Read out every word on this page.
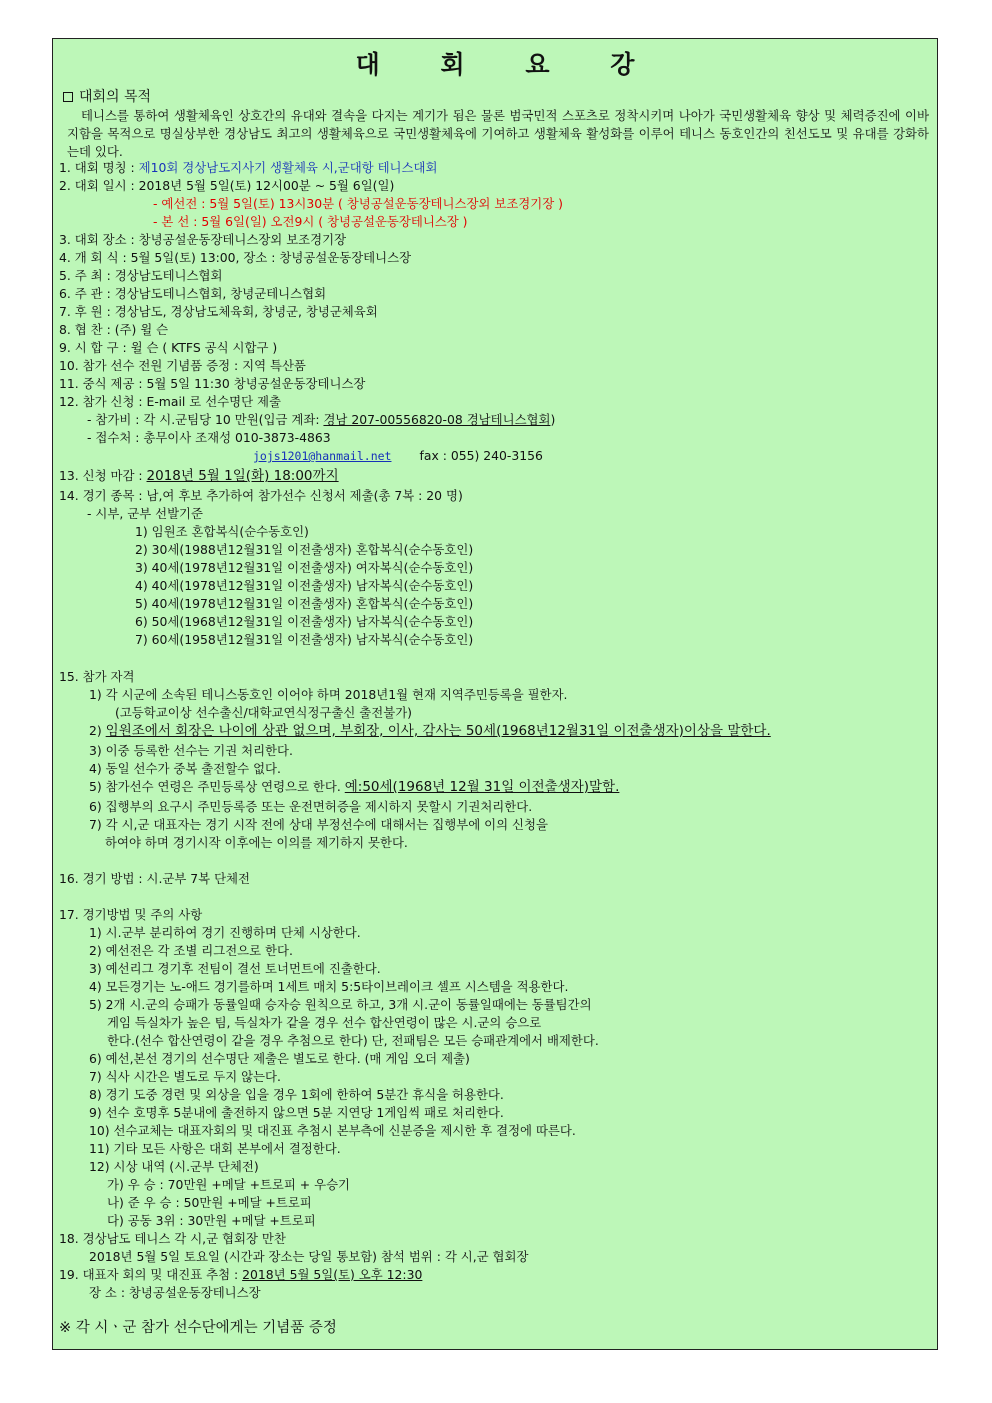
대 회 요 강
대회의 목적
테니스를 통하여 생활체육인 상호간의 유대와 결속을 다지는 계기가 됨은 물론 범국민적 스포츠로 정착시키며 나아가 국민생활체육 향상 및 체력증진에 이바지함을 목적으로 명실상부한 경상남도 최고의 생활체육으로 국민생활체육에 기여하고 생활체육 활성화를 이루어 테니스 동호인간의 친선도모 및 유대를 강화하는데 있다.
1. 대회 명칭 : 제10회 경상남도지사기 생활체육 시,군대항 테니스대회
2. 대회 일시 : 2018년 5월 5일(토) 12시00분 ~ 5월 6일(일)
- 예선전 : 5월 5일(토) 13시30분 ( 창녕공설운동장테니스장외 보조경기장 )
- 본 선 : 5월 6일(일) 오전9시 ( 창녕공설운동장테니스장 )
3. 대회 장소 : 창녕공설운동장테니스장외 보조경기장
4. 개 회 식 : 5월 5일(토) 13:00, 장소 : 창녕공설운동장테니스장
5. 주 최 : 경상남도테니스협회
6. 주 관 : 경상남도테니스협회, 창녕군테니스협회
7. 후 원 : 경상남도, 경상남도체육회, 창녕군, 창녕군체육회
8. 협 찬 : (주) 윌 슨
9. 시 합 구 : 윌 슨 ( KTFS 공식 시합구 )
10. 참가 선수 전원 기념품 증정 : 지역 특산품
11. 중식 제공 : 5월 5일 11:30 창녕공설운동장테니스장
12. 참가 신청 : E-mail 로 선수명단 제출
- 참가비 : 각 시.군팀당 10 만원(입금 계좌: 경남 207-00556820-08 경남테니스협회)
- 접수처 : 총무이사 조재성 010-3873-4863
jojs1201@hanmail.net fax : 055) 240-3156
13. 신청 마감 : 2018년 5월 1일(화) 18:00까지
14. 경기 종목 : 남,여 후보 추가하여 참가선수 신청서 제출(총 7복 : 20 명)
- 시부, 군부 선발기준
1) 임원조 혼합복식(순수동호인)
2) 30세(1988년12월31일 이전출생자) 혼합복식(순수동호인)
3) 40세(1978년12월31일 이전출생자) 여자복식(순수동호인)
4) 40세(1978년12월31일 이전출생자) 남자복식(순수동호인)
5) 40세(1978년12월31일 이전출생자) 혼합복식(순수동호인)
6) 50세(1968년12월31일 이전출생자) 남자복식(순수동호인)
7) 60세(1958년12월31일 이전출생자) 남자복식(순수동호인)
15. 참가 자격
1) 각 시군에 소속된 테니스동호인 이어야 하며 2018년1월 현재 지역주민등록을 필한자.
(고등학교이상 선수출신/대학교연식정구출신 출전불가)
2) 임원조에서 회장은 나이에 상관 없으며, 부회장, 이사, 감사는 50세(1968년12월31일 이전출생자)이상을 말한다.
3) 이중 등록한 선수는 기권 처리한다.
4) 동일 선수가 중복 출전할수 없다.
5) 참가선수 연령은 주민등록상 연령으로 한다. 예:50세(1968년 12월 31일 이전출생자)말함.
6) 집행부의 요구시 주민등록증 또는 운전면허증을 제시하지 못할시 기권처리한다.
7) 각 시,군 대표자는 경기 시작 전에 상대 부정선수에 대해서는 집행부에 이의 신청을
하여야 하며 경기시작 이후에는 이의를 제기하지 못한다.
16. 경기 방법 : 시.군부 7복 단체전
17. 경기방법 및 주의 사항
1) 시.군부 분리하여 경기 진행하며 단체 시상한다.
2) 예선전은 각 조별 리그전으로 한다.
3) 예선리그 경기후 전팀이 결선 토너먼트에 진출한다.
4) 모든경기는 노-애드 경기를하며 1세트 매치 5:5타이브레이크 셀프 시스템을 적용한다.
5) 2개 시.군의 승패가 동률일때 승자승 원칙으로 하고, 3개 시.군이 동률일때에는 동률팀간의
게임 득실차가 높은 팀, 득실차가 같을 경우 선수 합산연령이 많은 시.군의 승으로
한다.(선수 합산연령이 같을 경우 추첨으로 한다) 단, 전패팀은 모든 승패관계에서 배제한다.
6) 예선,본선 경기의 선수명단 제출은 별도로 한다. (매 게임 오더 제출)
7) 식사 시간은 별도로 두지 않는다.
8) 경기 도중 경련 및 외상을 입을 경우 1회에 한하여 5분간 휴식을 허용한다.
9) 선수 호명후 5분내에 출전하지 않으면 5분 지연당 1게임씩 패로 처리한다.
10) 선수교체는 대표자회의 및 대진표 추첨시 본부측에 신분증을 제시한 후 결정에 따른다.
11) 기타 모든 사항은 대회 본부에서 결정한다.
12) 시상 내역 (시.군부 단체전)
가) 우 승 : 70만원 +메달 +트로피 + 우승기
나) 준 우 승 : 50만원 +메달 +트로피
다) 공동 3위 : 30만원 +메달 +트로피
18. 경상남도 테니스 각 시,군 협회장 만찬
2018년 5월 5일 토요일 (시간과 장소는 당일 통보함) 참석 범위 : 각 시,군 협회장
19. 대표자 회의 및 대진표 추첨 : 2018년 5월 5일(토) 오후 12:30
장 소 : 창녕공설운동장테니스장
※ 각 시ㆍ군 참가 선수단에게는 기념품 증정
